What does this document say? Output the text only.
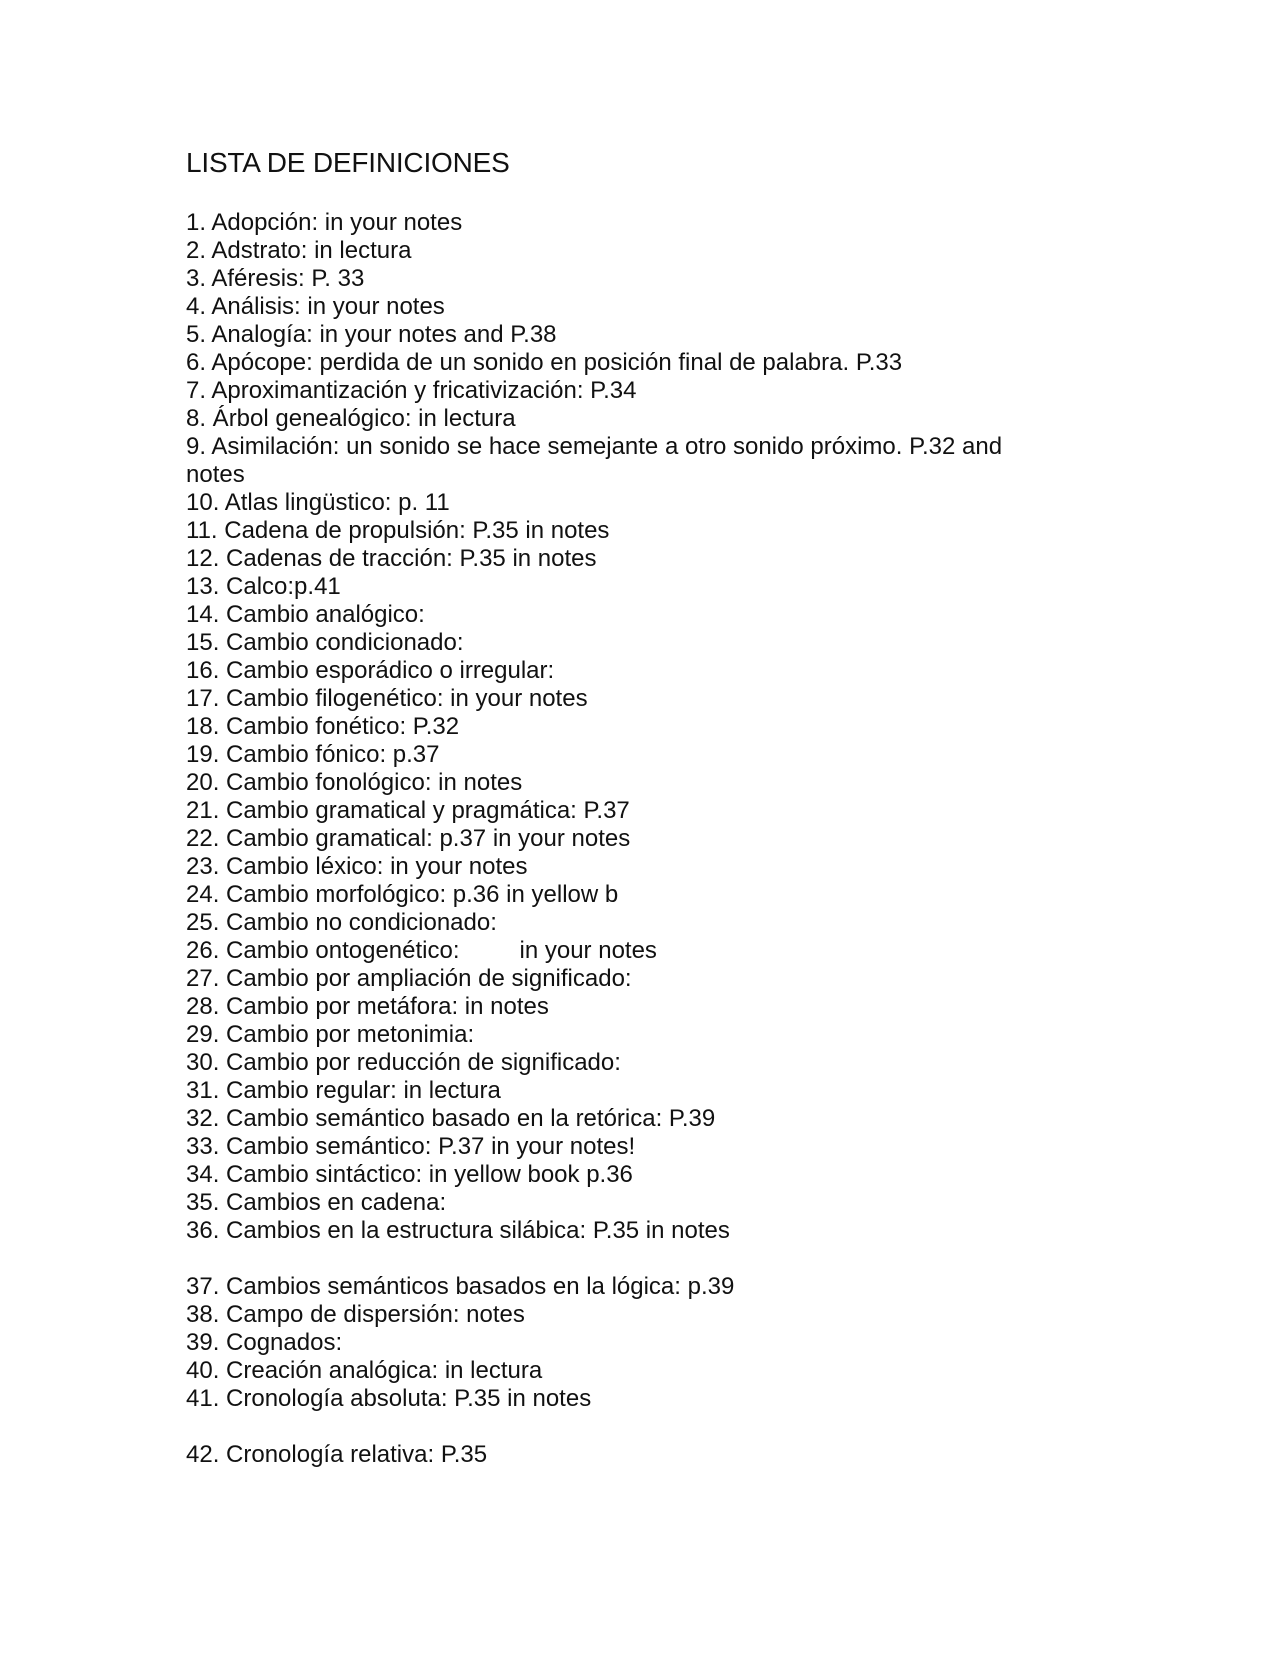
LISTA DE DEFINICIONES
1. Adopción: in your notes
2. Adstrato: in lectura
3. Aféresis: P. 33
4. Análisis: in your notes
5. Analogía: in your notes and P.38
6. Apócope: perdida de un sonido en posición final de palabra. P.33
7. Aproximantización y fricativización: P.34
8. Árbol genealógico: in lectura
9. Asimilación: un sonido se hace semejante a otro sonido próximo. P.32 and notes
10. Atlas lingüstico: p. 11
11. Cadena de propulsión: P.35 in notes
12. Cadenas de tracción: P.35 in notes
13. Calco:p.41
14. Cambio analógico:
15. Cambio condicionado:
16. Cambio esporádico o irregular:
17. Cambio filogenético: in your notes
18. Cambio fonético: P.32
19. Cambio fónico: p.37
20. Cambio fonológico: in notes
21. Cambio gramatical y pragmática: P.37
22. Cambio gramatical: p.37 in your notes
23. Cambio léxico: in your notes
24. Cambio morfológico: p.36 in yellow b
25. Cambio no condicionado:
26. Cambio ontogenético:	in your notes
27. Cambio por ampliación de significado:
28. Cambio por metáfora: in notes
29. Cambio por metonimia:
30. Cambio por reducción de significado:
31. Cambio regular: in lectura
32. Cambio semántico basado en la retórica: P.39
33. Cambio semántico: P.37 in your notes!
34. Cambio sintáctico: in yellow book p.36
35. Cambios en cadena:
36. Cambios en la estructura silábica: P.35 in notes
37. Cambios semánticos basados en la lógica: p.39
38. Campo de dispersión: notes
39. Cognados:
40. Creación analógica: in lectura
41. Cronología absoluta: P.35 in notes
42. Cronología relativa: P.35
